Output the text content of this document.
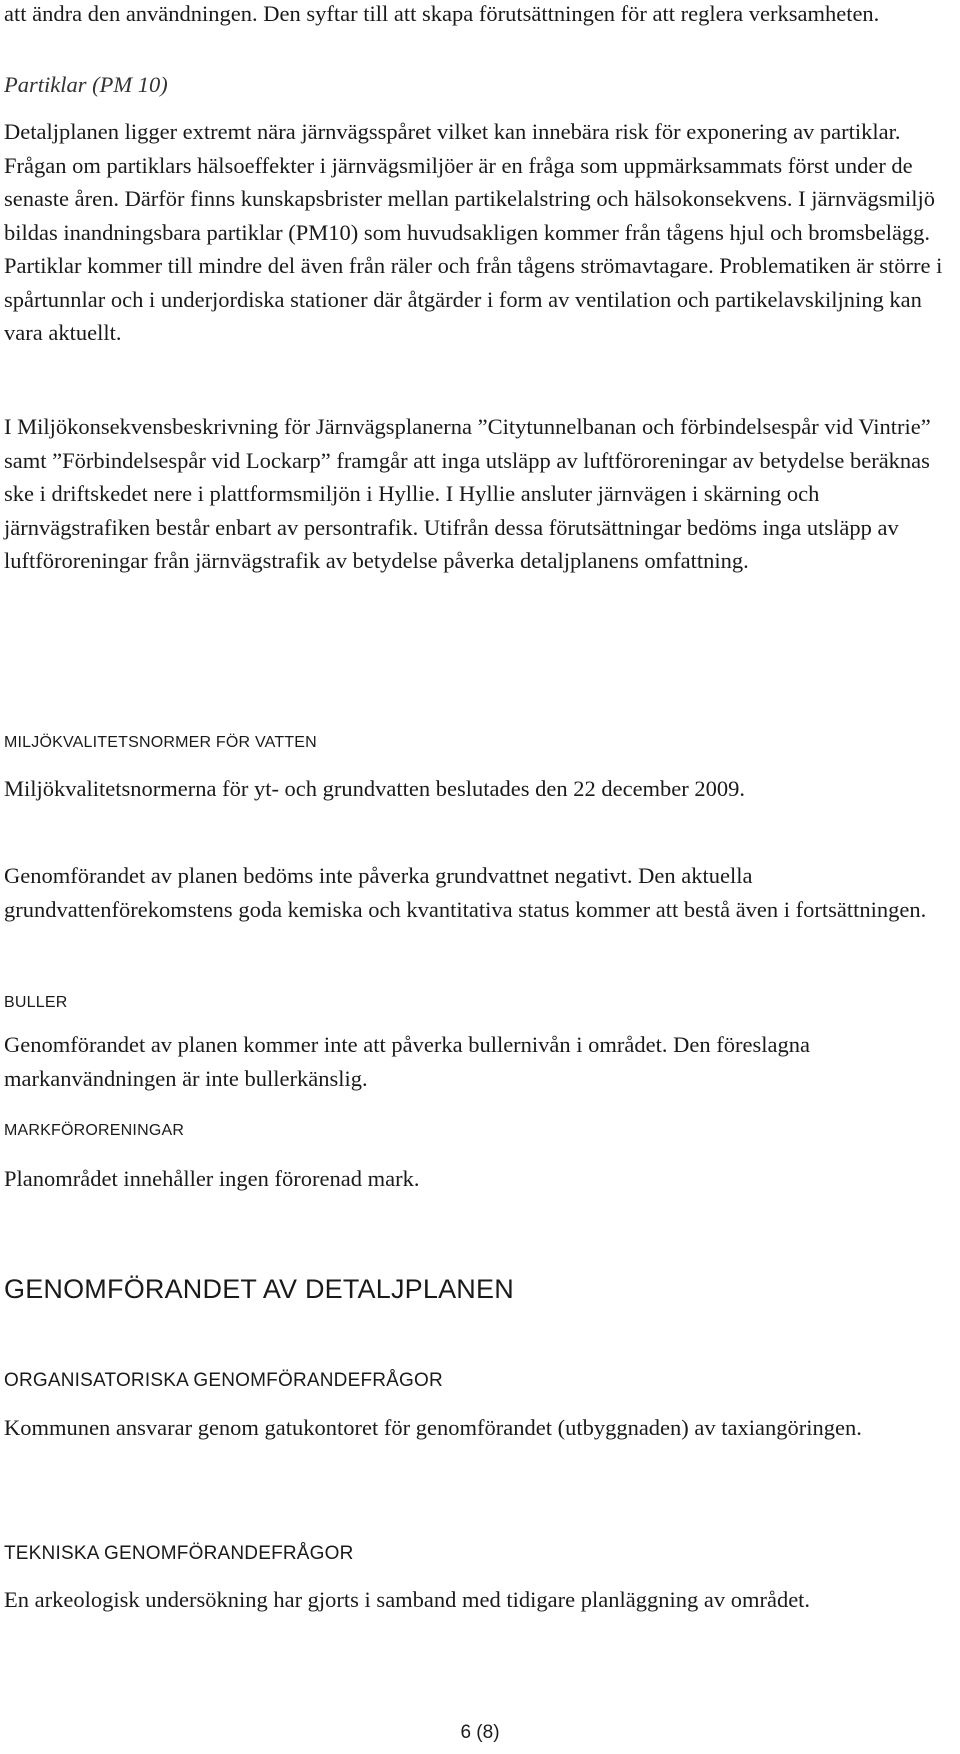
att ändra den användningen. Den syftar till att skapa förutsättningen för att reglera verksamheten.

Partiklar (PM 10)

Detaljplanen ligger extremt nära järnvägsspåret vilket kan innebära risk för exponering av partiklar. Frågan om partiklars hälsoeffekter i järnvägsmiljöer är en fråga som uppmärksammats först under de senaste åren. Därför finns kunskapsbrister mellan partikelalstring och hälsokonsekvens. I järnvägsmiljö bildas inandningsbara partiklar (PM10) som huvudsakligen kommer från tågens hjul och bromsbelägg. Partiklar kommer till mindre del även från räler och från tågens strömavtagare. Problematiken är större i spårtunnlar och i underjordiska stationer där åtgärder i form av ventilation och partikelavskiljning kan vara aktuellt.

I Miljökonsekvensbeskrivning för Järnvägsplanerna ”Citytunnelbanan och förbindelsespår vid Vintrie” samt ”Förbindelsespår vid Lockarp” framgår att inga utsläpp av luftföroreningar av betydelse beräknas ske i driftskedet nere i plattformsmiljön i Hyllie. I Hyllie ansluter järnvägen i skärning och järnvägstrafiken består enbart av persontrafik. Utifrån dessa förutsättningar bedöms inga utsläpp av luftföroreningar från järnvägstrafik av betydelse påverka detaljplanens omfattning.

MILJÖKVALITETSNORMER FÖR VATTEN

Miljökvalitetsnormerna för yt- och grundvatten beslutades den 22 december 2009.

Genomförandet av planen bedöms inte påverka grundvattnet negativt. Den aktuella grundvattenförekomstens goda kemiska och kvantitativa status kommer att bestå även i fortsättningen.

BULLER

Genomförandet av planen kommer inte att påverka bullernivån i området. Den föreslagna markanvändningen är inte bullerkänslig.

MARKFÖRORENINGAR

Planområdet innehåller ingen förorenad mark.

GENOMFÖRANDET AV DETALJPLANEN
ORGANISATORISKA GENOMFÖRANDEFRÅGOR

Kommunen ansvarar genom gatukontoret för genomförandet (utbyggnaden) av taxiangöringen.

TEKNISKA GENOMFÖRANDEFRÅGOR

En arkeologisk undersökning har gjorts i samband med tidigare planläggning av området.

6 (8)
